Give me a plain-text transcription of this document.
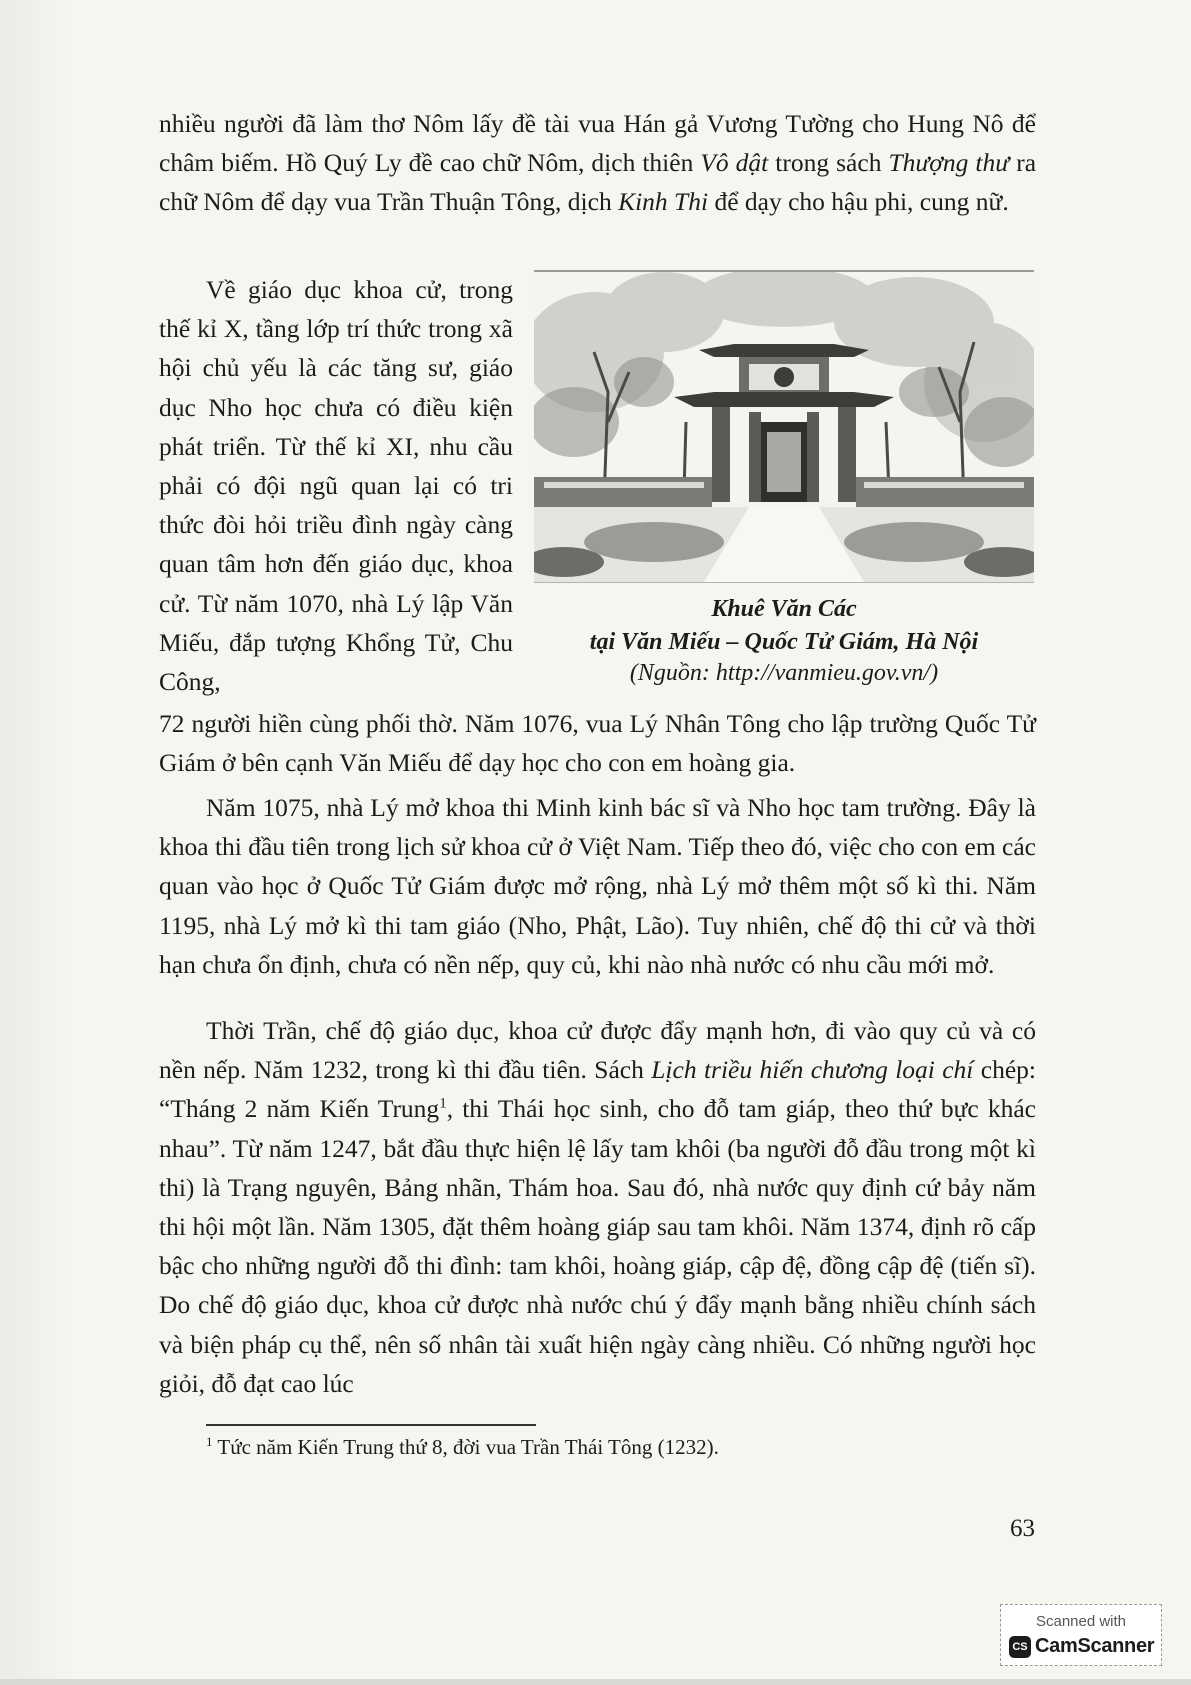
nhiều người đã làm thơ Nôm lấy đề tài vua Hán gả Vương Tường cho Hung Nô để châm biếm. Hồ Quý Ly đề cao chữ Nôm, dịch thiên Vô dật trong sách Thượng thư ra chữ Nôm để dạy vua Trần Thuận Tông, dịch Kinh Thi để dạy cho hậu phi, cung nữ.

Về giáo dục khoa cử, trong thế kỉ X, tầng lớp trí thức trong xã hội chủ yếu là các tăng sư, giáo dục Nho học chưa có điều kiện phát triển. Từ thế kỉ XI, nhu cầu phải có đội ngũ quan lại có tri thức đòi hỏi triều đình ngày càng quan tâm hơn đến giáo dục, khoa cử. Từ năm 1070, nhà Lý lập Văn Miếu, đắp tượng Khổng Tử, Chu Công,

Khuê Văn Các
tại Văn Miếu – Quốc Tử Giám, Hà Nội
(Nguồn: http://vanmieu.gov.vn/)

72 người hiền cùng phối thờ. Năm 1076, vua Lý Nhân Tông cho lập trường Quốc Tử Giám ở bên cạnh Văn Miếu để dạy học cho con em hoàng gia.

Năm 1075, nhà Lý mở khoa thi Minh kinh bác sĩ và Nho học tam trường. Đây là khoa thi đầu tiên trong lịch sử khoa cử ở Việt Nam. Tiếp theo đó, việc cho con em các quan vào học ở Quốc Tử Giám được mở rộng, nhà Lý mở thêm một số kì thi. Năm 1195, nhà Lý mở kì thi tam giáo (Nho, Phật, Lão). Tuy nhiên, chế độ thi cử và thời hạn chưa ổn định, chưa có nền nếp, quy củ, khi nào nhà nước có nhu cầu mới mở.

Thời Trần, chế độ giáo dục, khoa cử được đẩy mạnh hơn, đi vào quy củ và có nền nếp. Năm 1232, trong kì thi đầu tiên. Sách Lịch triều hiến chương loại chí chép: “Tháng 2 năm Kiến Trung$^1$, thi Thái học sinh, cho đỗ tam giáp, theo thứ bực khác nhau”. Từ năm 1247, bắt đầu thực hiện lệ lấy tam khôi (ba người đỗ đầu trong một kì thi) là Trạng nguyên, Bảng nhãn, Thám hoa. Sau đó, nhà nước quy định cứ bảy năm thi hội một lần. Năm 1305, đặt thêm hoàng giáp sau tam khôi. Năm 1374, định rõ cấp bậc cho những người đỗ thi đình: tam khôi, hoàng giáp, cập đệ, đồng cập đệ (tiến sĩ). Do chế độ giáo dục, khoa cử được nhà nước chú ý đẩy mạnh bằng nhiều chính sách và biện pháp cụ thể, nên số nhân tài xuất hiện ngày càng nhiều. Có những người học giỏi, đỗ đạt cao lúc

$^1$ Tức năm Kiến Trung thứ 8, đời vua Trần Thái Tông (1232).
63
Scanned with
CS CamScanner
